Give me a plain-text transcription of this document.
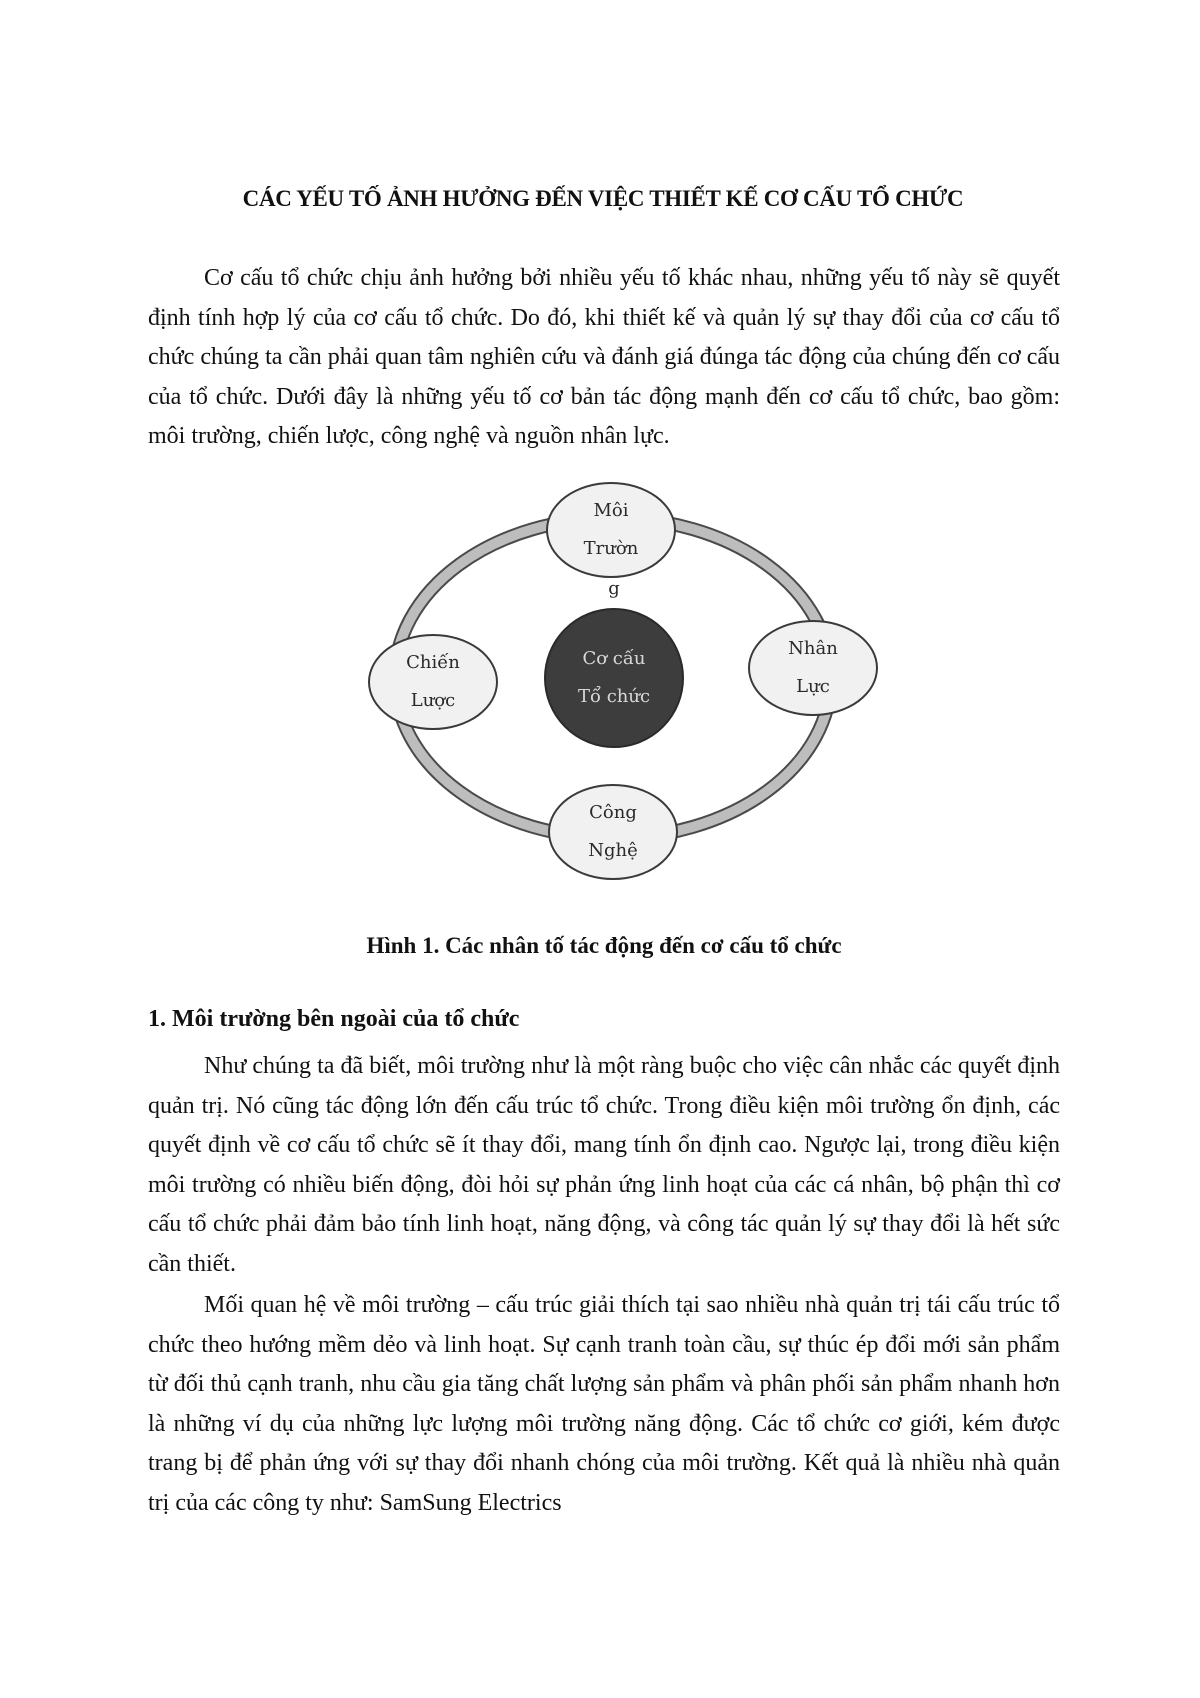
CÁC YẾU TỐ ẢNH HƯỞNG ĐẾN VIỆC THIẾT KẾ CƠ CẤU TỔ CHỨC

Cơ cấu tổ chức chịu ảnh hưởng bởi nhiều yếu tố khác nhau, những yếu tố này sẽ quyết định tính hợp lý của cơ cấu tổ chức. Do đó, khi thiết kế và quản lý sự thay đổi của cơ cấu tổ chức chúng ta cần phải quan tâm nghiên cứu và đánh giá đúnga tác động của chúng đến cơ cấu của tổ chức. Dưới đây là những yếu tố cơ bản tác động mạnh đến cơ cấu tổ chức, bao gồm: môi trường, chiến lược, công nghệ và nguồn nhân lực.

Môi
Trườn
g
Chiến
Lược
Nhân
Lực
Công
Nghệ
Cơ cấu
Tổ chức
Hình 1. Các nhân tố tác động đến cơ cấu tổ chức
1. Môi trường bên ngoài của tổ chức

Như chúng ta đã biết, môi trường như là một ràng buộc cho việc cân nhắc các quyết định quản trị. Nó cũng tác động lớn đến cấu trúc tổ chức. Trong điều kiện môi trường ổn định, các quyết định về cơ cấu tổ chức sẽ ít thay đổi, mang tính ổn định cao. Ngược lại, trong điều kiện môi trường có nhiều biến động, đòi hỏi sự phản ứng linh hoạt của các cá nhân, bộ phận thì cơ cấu tổ chức phải đảm bảo tính linh hoạt, năng động, và công tác quản lý sự thay đổi là hết sức cần thiết.

Mối quan hệ về môi trường – cấu trúc giải thích tại sao nhiều nhà quản trị tái cấu trúc tổ chức theo hướng mềm dẻo và linh hoạt. Sự cạnh tranh toàn cầu, sự thúc ép đổi mới sản phẩm từ đối thủ cạnh tranh, nhu cầu gia tăng chất lượng sản phẩm và phân phối sản phẩm nhanh hơn là những ví dụ của những lực lượng môi trường năng động. Các tổ chức cơ giới, kém được trang bị để phản ứng với sự thay đổi nhanh chóng của môi trường. Kết quả là nhiều nhà quản trị của các công ty như: SamSung Electrics
